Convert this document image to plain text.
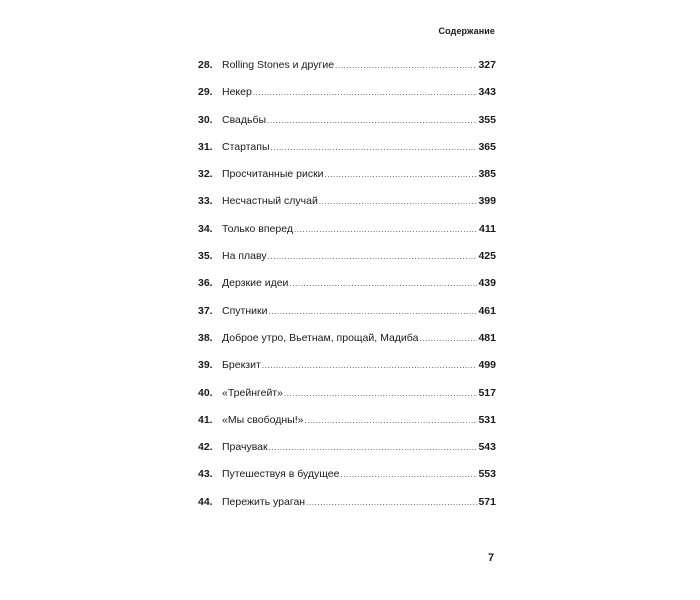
Содержание
28. Rolling Stones и другие .....	327
29. Некер .....	343
30. Свадьбы .....	355
31. Стартапы .....	365
32. Просчитанные риски .....	385
33. Несчастный случай .....	399
34. Только вперед .....	411
35. На плаву .....	425
36. Дерзкие идеи .....	439
37. Спутники .....	461
38. Доброе утро, Вьетнам, прощай, Мадиба .....	481
39. Брекзит .....	499
40. «Трейнгейт» .....	517
41. «Мы свободны!» .....	531
42. Прачувак .....	543
43. Путешествуя в будущее .....	553
44. Пережить ураган .....	571
7
